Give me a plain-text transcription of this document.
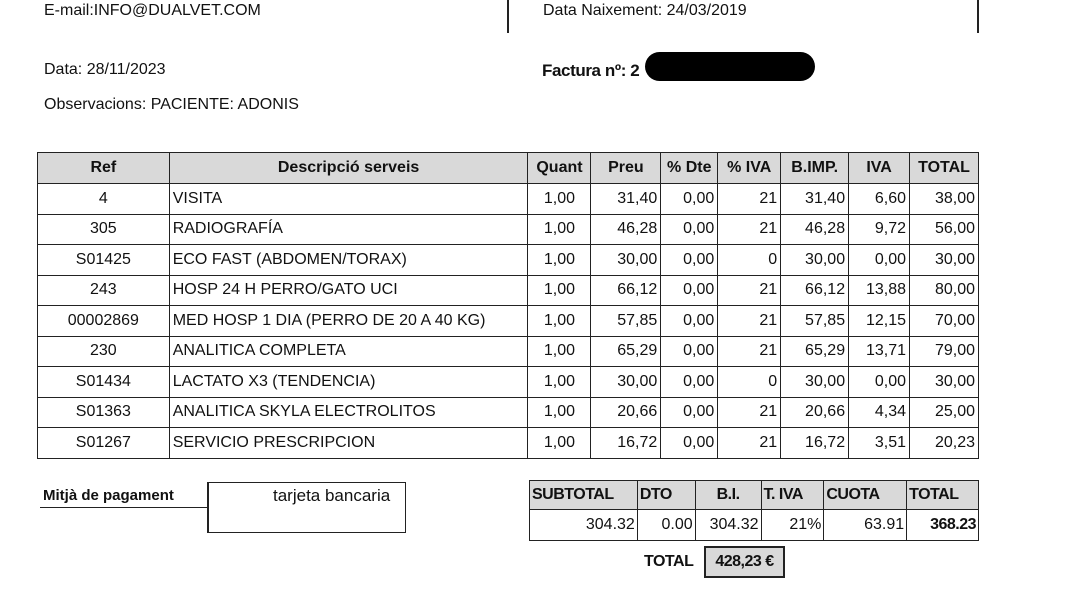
E-mail:INFO@DUALVET.COM	Data Naixement: 24/03/2019
Data: 28/11/2023	Factura nº: 2
Observacions: PACIENTE: ADONIS
Ref	Descripció serveis	Quant	Preu	% Dte	% IVA	B.IMP.	IVA	TOTAL
4	VISITA	1,00	31,40	0,00	21	31,40	6,60	38,00
305	RADIOGRAFÍA	1,00	46,28	0,00	21	46,28	9,72	56,00
S01425	ECO FAST (ABDOMEN/TORAX)	1,00	30,00	0,00	0	30,00	0,00	30,00
243	HOSP 24 H PERRO/GATO UCI	1,00	66,12	0,00	21	66,12	13,88	80,00
00002869	MED HOSP 1 DIA (PERRO DE 20 A 40 KG)	1,00	57,85	0,00	21	57,85	12,15	70,00
230	ANALITICA COMPLETA	1,00	65,29	0,00	21	65,29	13,71	79,00
S01434	LACTATO X3 (TENDENCIA)	1,00	30,00	0,00	0	30,00	0,00	30,00
S01363	ANALITICA SKYLA ELECTROLITOS	1,00	20,66	0,00	21	20,66	4,34	25,00
S01267	SERVICIO PRESCRIPCION	1,00	16,72	0,00	21	16,72	3,51	20,23
Mitjà de pagament	tarjeta bancaria	SUBTOTAL	DTO	B.I.	T. IVA	CUOTA	TOTAL
304.32	0.00	304.32	21%	63.91	368.23
TOTAL 428,23 €
